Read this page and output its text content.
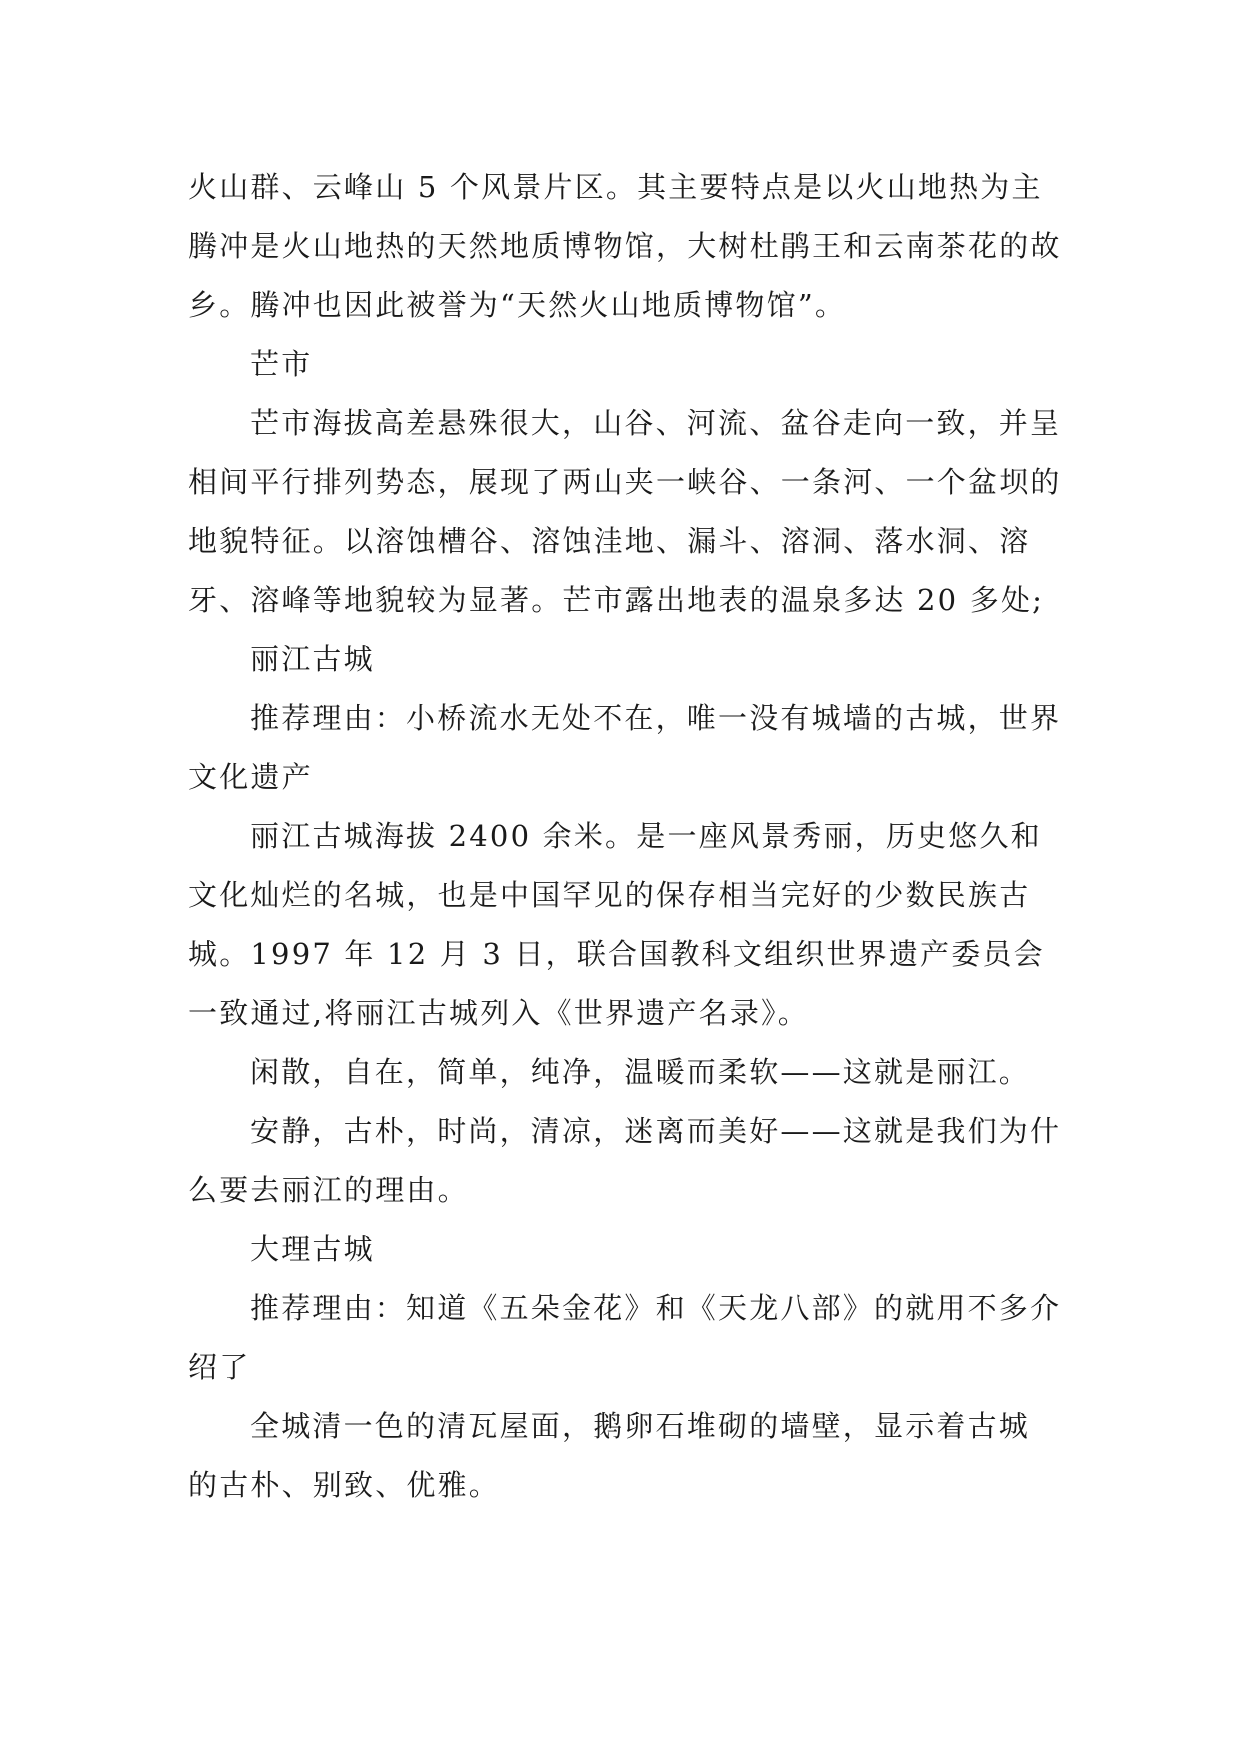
火山群、云峰山 5 个风景片区。其主要特点是以火山地热为主腾冲是火山地热的天然地质博物馆，大树杜鹃王和云南茶花的故乡。腾冲也因此被誉为“天然火山地质博物馆”。

芒市

芒市海拔高差悬殊很大，山谷、河流、盆谷走向一致，并呈相间平行排列势态，展现了两山夹一峡谷、一条河、一个盆坝的地貌特征。以溶蚀槽谷、溶蚀洼地、漏斗、溶洞、落水洞、溶牙、溶峰等地貌较为显著。芒市露出地表的温泉多达 20 多处;

丽江古城

推荐理由：小桥流水无处不在，唯一没有城墙的古城，世界文化遗产

丽江古城海拔 2400 余米。是一座风景秀丽，历史悠久和文化灿烂的名城，也是中国罕见的保存相当完好的少数民族古城。1997 年 12 月 3 日，联合国教科文组织世界遗产委员会一致通过,将丽江古城列入《世界遗产名录》。

闲散，自在，简单，纯净，温暖而柔软——这就是丽江。

安静，古朴，时尚，清凉，迷离而美好——这就是我们为什么要去丽江的理由。

大理古城

推荐理由：知道《五朵金花》和《天龙八部》的就用不多介绍了

全城清一色的清瓦屋面，鹅卵石堆砌的墙壁，显示着古城 的古朴、别致、优雅。
